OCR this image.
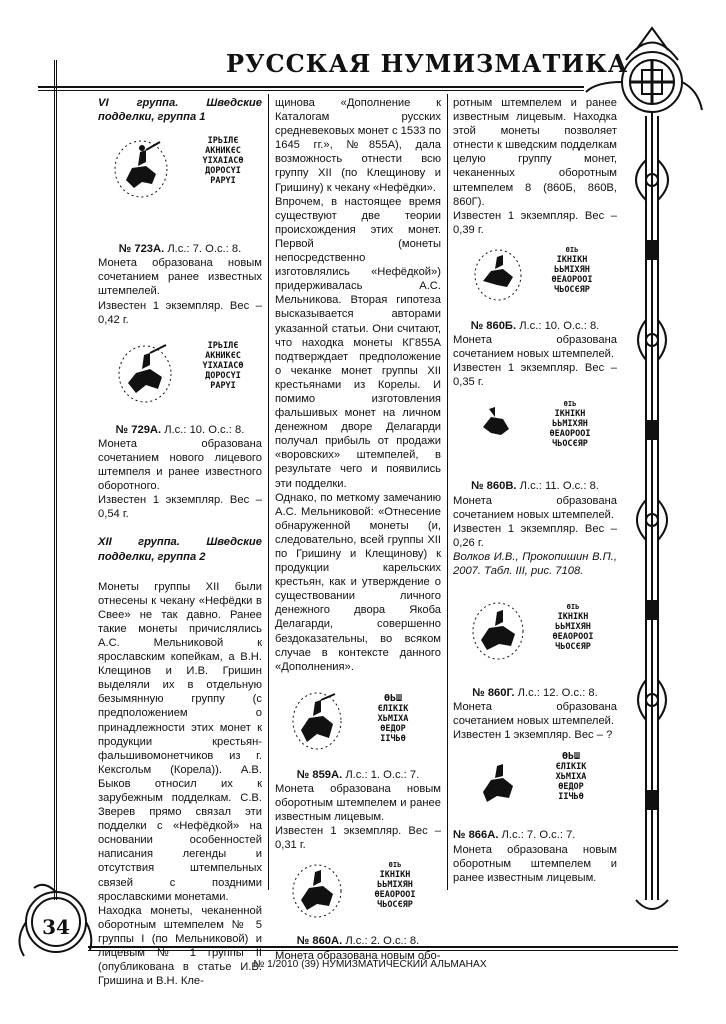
РУССКАЯ НУМИЗМАТИКА
34

VI группа. Шведские подделки, группа 1

ІРЬІЛЄ
АКНИКЄС
ҮІХАІАСӨ
ДОРОСҮІ
РАРҮІ

№ 723А. Л.с.: 7. О.с.: 8.

Монета образована новым сочетанием ранее известных штемпелей.

Известен 1 экземпляр. Вес – 0,42 г.

ІРЬІЛЄ
АКНИКЄС
ҮІХАІАСӨ
ДОРОСҮІ
РАРҮІ

№ 729А. Л.с.: 10. О.с.: 8.

Монета образована сочетанием нового лицевого штемпеля и ранее известного оборотного.

Известен 1 экземпляр. Вес – 0,54 г.

XII группа. Шведские подделки, группа 2

Монеты группы XII были отнесены к чекану «Нефёдки в Свее» не так давно. Ранее такие монеты причислялись А.С. Мельниковой к ярославским копейкам, а В.Н. Клещинов и И.В. Гришин выделяли их в отдельную безымянную группу (с предположением о принадлежности этих монет к продукции крестьян-фальшивомонетчиков из г. Кексгольм (Корела)). А.В. Быков относил их к зарубежным подделкам. С.В. Зверев прямо связал эти подделки с «Нефёдкой» на основании особенностей написания легенды и отсутствия штемпельных связей с поздними ярославскими монетами.

Находка монеты, чеканенной оборотным штемпелем № 5 группы I (по Мельниковой) и лицевым № 1 группы II (опубликована в статье И.В. Гришина и В.Н. Кле-

щинова «Дополнение к Каталогам русских средневековых монет с 1533 по 1645 гг.», №855А), дала возможность отнести всю группу XII (по Клещинову и Гришину) к чекану «Нефёдки».

Впрочем, в настоящее время существуют две теории происхождения этих монет. Первой (монеты непосредственно изготовлялись «Нефёдкой») придерживалась А.С. Мельникова. Вторая гипотеза высказывается авторами указанной статьи. Они считают, что находка монеты КГ855А подтверждает предположение о чеканке монет группы XII крестьянами из Корелы. И помимо изготовления фальшивых монет на личном денежном дворе Делагарди получал прибыль от продажи «воровских» штемпелей, в результате чего и появились эти подделки.

Однако, по меткому замечанию А.С. Мельниковой: «Отнесение обнаруженной монеты (и, следовательно, всей группы XII по Гришину и Клещинову) к продукции карельских крестьян, как и утверждение о существовании личного денежного двора Якоба Делагарди, совершенно бездоказательны, во всяком случае в контексте данного «Дополнения».

ӨЬШ
ЄЛІКІК
ХЬМІХА
ӨЕДОР
ІІЧЬӨ

№ 859А. Л.с.: 1. О.с.: 7.

Монета образована новым оборотным штемпелем и ранее известным лицевым.

Известен 1 экземпляр. Вес – 0,31 г.

ӨІЬ
ІКНІКН
ЬЬМІХЯН
ӨЕАОРООІ
ЧЬОСЄЯР

№ 860А. Л.с.: 2. О.с.: 8.

Монета образована новым обо-

ротным штемпелем и ранее известным лицевым. Находка этой монеты позволяет отнести к шведским подделкам целую группу монет, чеканенных оборотным штемпелем 8 (860Б, 860В, 860Г).

Известен 1 экземпляр. Вес – 0,39 г.

ӨІЬ
ІКНІКН
ЬЬМІХЯН
ӨЕАОРООІ
ЧЬОСЄЯР

№ 860Б. Л.с.: 10. О.с.: 8.

Монета образована сочетанием новых штемпелей.

Известен 1 экземпляр. Вес – 0,35 г.

ӨІЬ
ІКНІКН
ЬЬМІХЯН
ӨЕАОРООІ
ЧЬОСЄЯР

№ 860В. Л.с.: 11. О.с.: 8.

Монета образована сочетанием новых штемпелей.

Известен 1 экземпляр. Вес – 0,26 г.

Волков И.В., Прокопишин В.П., 2007. Табл. III, рис. 7108.

ӨІЬ
ІКНІКН
ЬЬМІХЯН
ӨЕАОРООІ
ЧЬОСЄЯР

№ 860Г. Л.с.: 12. О.с.: 8.

Монета образована сочетанием новых штемпелей.

Известен 1 экземпляр. Вес – ?

ӨЬШ
ЄЛІКІК
ХЬМІХА
ӨЕДОР
ІІЧЬӨ

№ 866А. Л.с.: 7. О.с.: 7.

Монета образована новым оборотным штемпелем и ранее известным лицевым.

№ 1/2010 (39) НУМИЗМАТИЧЕСКИЙ АЛЬМАНАХ
